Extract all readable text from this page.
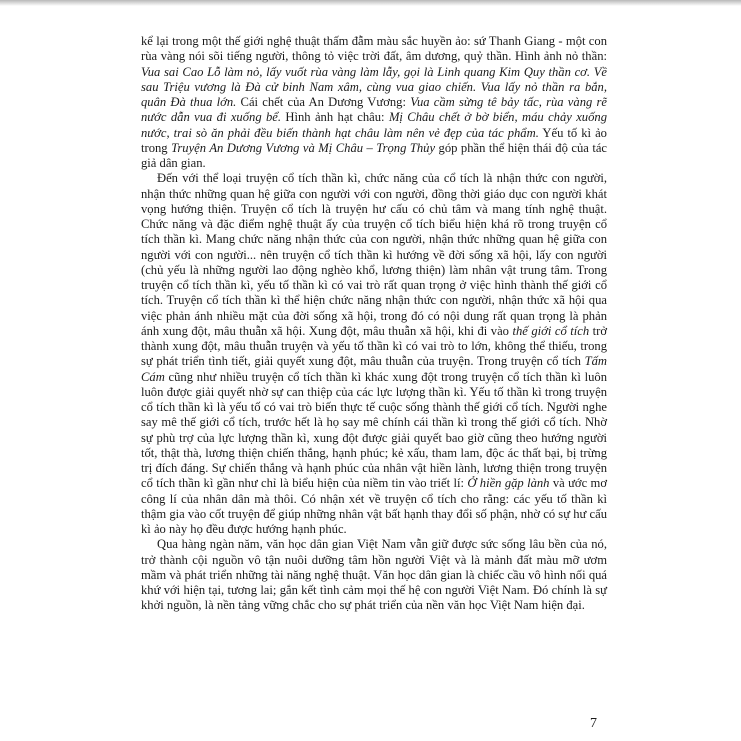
kể lại trong một thế giới nghệ thuật thấm đẫm màu sắc huyền ảo: sứ Thanh Giang - một con rùa vàng nói sõi tiếng người, thông tỏ việc trời đất, âm dương, quỷ thần. Hình ảnh nỏ thần: Vua sai Cao Lỗ làm nỏ, lấy vuốt rùa vàng làm lẫy, gọi là Linh quang Kim Quy thần cơ. Về sau Triệu vương là Đà cử binh Nam xâm, cùng vua giao chiến. Vua lấy nỏ thần ra bắn, quân Đà thua lớn. Cái chết của An Dương Vương: Vua cầm sừng tê bảy tấc, rùa vàng rẽ nước dẫn vua đi xuống bể. Hình ảnh hạt châu: Mị Châu chết ở bờ biển, máu chảy xuống nước, trai sò ăn phải đều biến thành hạt châu làm nên vẻ đẹp của tác phẩm. Yếu tố kì ảo trong Truyện An Dương Vương và Mị Châu – Trọng Thủy góp phần thể hiện thái độ của tác giả dân gian.

Đến với thể loại truyện cổ tích thần kì, chức năng của cổ tích là nhận thức con người, nhận thức những quan hệ giữa con người với con người, đồng thời giáo dục con người khát vọng hướng thiện. Truyện cổ tích là truyện hư cấu có chủ tâm và mang tính nghệ thuật. Chức năng và đặc điểm nghệ thuật ấy của truyện cổ tích biểu hiện khá rõ trong truyện cổ tích thần kì. Mang chức năng nhận thức của con người, nhận thức những quan hệ giữa con người với con người... nên truyện cổ tích thần kì hướng về đời sống xã hội, lấy con người (chủ yếu là những người lao động nghèo khổ, lương thiện) làm nhân vật trung tâm. Trong truyện cổ tích thần kì, yếu tố thần kì có vai trò rất quan trọng ở việc hình thành thế giới cổ tích. Truyện cổ tích thần kì thể hiện chức năng nhận thức con người, nhận thức xã hội qua việc phản ánh nhiều mặt của đời sống xã hội, trong đó có nội dung rất quan trọng là phản ánh xung đột, mâu thuẫn xã hội. Xung đột, mâu thuẫn xã hội, khi đi vào thế giới cổ tích trở thành xung đột, mâu thuẫn truyện và yếu tố thần kì có vai trò to lớn, không thể thiếu, trong sự phát triển tình tiết, giải quyết xung đột, mâu thuẫn của truyện. Trong truyện cổ tích Tấm Cám cũng như nhiều truyện cổ tích thần kì khác xung đột trong truyện cổ tích thần kì luôn luôn được giải quyết nhờ sự can thiệp của các lực lượng thần kì. Yếu tố thần kì trong truyện cổ tích thần kì là yếu tố có vai trò biến thực tế cuộc sống thành thế giới cổ tích. Người nghe say mê thế giới cổ tích, trước hết là họ say mê chính cái thần kì trong thế giới cổ tích. Nhờ sự phù trợ của lực lượng thần kì, xung đột được giải quyết bao giờ cũng theo hướng người tốt, thật thà, lương thiện chiến thắng, hạnh phúc; kẻ xấu, tham lam, độc ác thất bại, bị trừng trị đích đáng. Sự chiến thắng và hạnh phúc của nhân vật hiền lành, lương thiện trong truyện cổ tích thần kì gần như chỉ là biểu hiện của niềm tin vào triết lí: Ở hiền gặp lành và ước mơ công lí của nhân dân mà thôi. Có nhận xét về truyện cổ tích cho rằng: các yếu tố thần kì thậm gia vào cốt truyện để giúp những nhân vật bất hạnh thay đổi số phận, nhờ có sự hư cấu kì ảo này họ đều được hướng hạnh phúc.

Qua hàng ngàn năm, văn học dân gian Việt Nam vẫn giữ được sức sống lâu bền của nó, trở thành cội nguồn vô tận nuôi dưỡng tâm hồn người Việt và là mảnh đất màu mỡ ươm mầm và phát triển những tài năng nghệ thuật. Văn học dân gian là chiếc cầu vô hình nối quá khứ với hiện tại, tương lai; gắn kết tình cảm mọi thế hệ con người Việt Nam. Đó chính là sự khởi nguồn, là nền tảng vững chắc cho sự phát triển của nền văn học Việt Nam hiện đại.

7
